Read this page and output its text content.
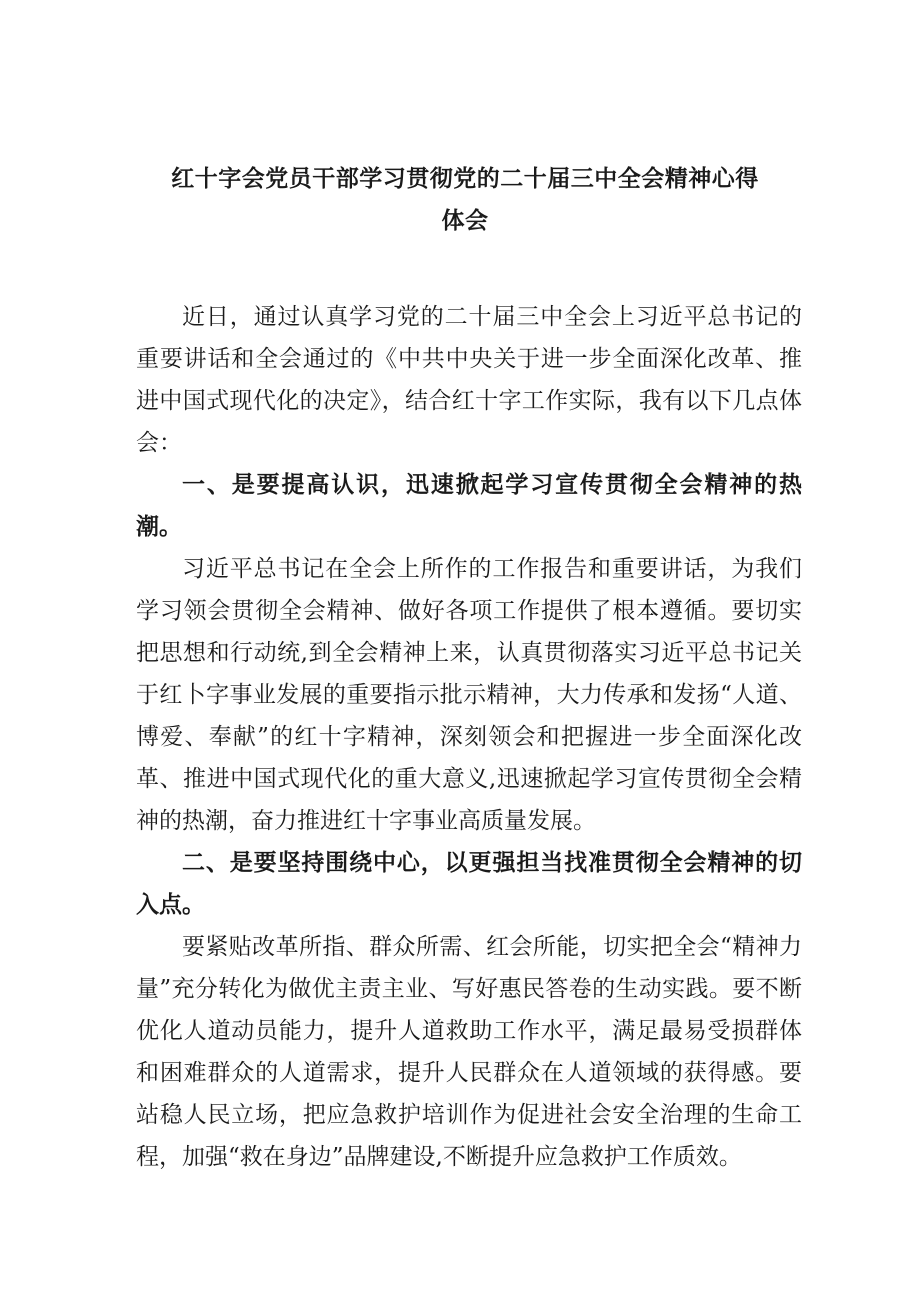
红十字会党员干部学习贯彻党的二十届三中全会精神心得
体会

近日，通过认真学习党的二十届三中全会上习近平总书记的重要讲话和全会通过的《中共中央关于进一步全面深化改革、推进中国式现代化的决定》，结合红十字工作实际，我有以下几点体会：

一、是要提高认识，迅速掀起学习宣传贯彻全会精神的热潮。

习近平总书记在全会上所作的工作报告和重要讲话，为我们学习领会贯彻全会精神、做好各项工作提供了根本遵循。要切实把思想和行动统,到全会精神上来，认真贯彻落实习近平总书记关于红卜字事业发展的重要指示批示精神，大力传承和发扬“人道、博爱、奉献”的红十字精神，深刻领会和把握进一步全面深化改革、推进中国式现代化的重大意义,迅速掀起学习宣传贯彻全会精神的热潮，奋力推进红十字事业高质量发展。

二、是要坚持围绕中心，以更强担当找准贯彻全会精神的切入点。

要紧贴改革所指、群众所需、红会所能，切实把全会“精神力量”充分转化为做优主责主业、写好惠民答卷的生动实践。要不断优化人道动员能力，提升人道救助工作水平，满足最易受损群体和困难群众的人道需求，提升人民群众在人道领域的获得感。要站稳人民立场，把应急救护培训作为促进社会安全治理的生命工程，加强“救在身边”品牌建设,不断提升应急救护工作质效。
